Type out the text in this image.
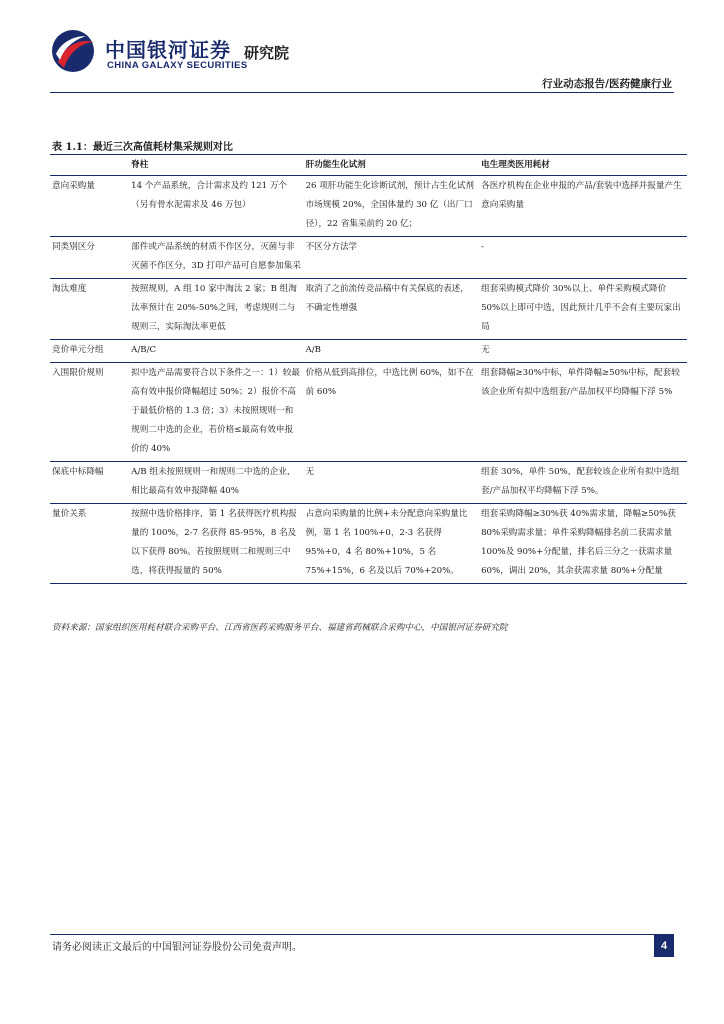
中国银河证券
CHINA GALAXY SECURITIES
研究院
行业动态报告/医药健康行业
表 1.1：最近三次高值耗材集采规则对比
	脊柱	肝功能生化试剂	电生理类医用耗材
意向采购量	14 个产品系统，合计需求及约 121 万个（另有骨水泥需求及 46 万包）	26 项肝功能生化诊断试剂，预计占生化试剂市场规模 20%，全国体量约 30 亿（出厂口径），22 省集采前约 20 亿；	各医疗机构在企业申报的产品/套装中选择并报量产生意向采购量
同类别区分	部件或产品系统的材质不作区分，灭菌与非灭菌不作区分，3D 打印产品可自愿参加集采	不区分方法学	-
淘汰难度	按照规则，A 组 10 家中淘汰 2 家；B 组淘汰率预计在 20%-50%之间，考虑规则二与规则三，实际淘汰率更低	取消了之前流传竞品稿中有关保底的表述，不确定性增强	组套采购模式降价 30%以上、单件采购模式降价 50%以上即可中选，因此预计几乎不会有主要玩家出局
竞价单元分组	A/B/C	A/B	无
入围限价规则	拟中选产品需要符合以下条件之一：1）较最高有效申报价降幅超过 50%；2）报价不高于最低价格的 1.3 倍；3）未按照规则一和规则二中选的企业，若价格≤最高有效申报价的 40%	价格从低到高排位，中选比例 60%，如不在前 60%	组套降幅≥30%中标，单件降幅≥50%中标，配套较该企业所有拟中选组套/产品加权平均降幅下浮 5%
保底中标降幅	A/B 组未按照规则一和规则二中选的企业，相比最高有效申报降幅 40%	无	组套 30%，单件 50%，配套较该企业所有拟中选组套/产品加权平均降幅下浮 5%。
量价关系	按照中选价格排序，第 1 名获得医疗机构报量的 100%，2-7 名获得 85-95%，8 名及以下获得 80%。若按照规则二和规则三中选，将获得报量的 50%	占意向采购量的比例+未分配意向采购量比例，第 1 名 100%+0，2-3 名获得 95%+0，4 名 80%+10%，5 名 75%+15%，6 名及以后 70%+20%。	组套采购降幅≥30%获 40%需求量，降幅≥50%获 80%采购需求量；单件采购降幅排名前二获需求量 100%及 90%+分配量，排名后三分之一获需求量 60%，调出 20%，其余获需求量 80%+分配量
资料来源：国家组织医用耗材联合采购平台、江西省医药采购服务平台、福建省药械联合采购中心，中国银河证券研究院
请务必阅读正文最后的中国银河证券股份公司免责声明。	4
